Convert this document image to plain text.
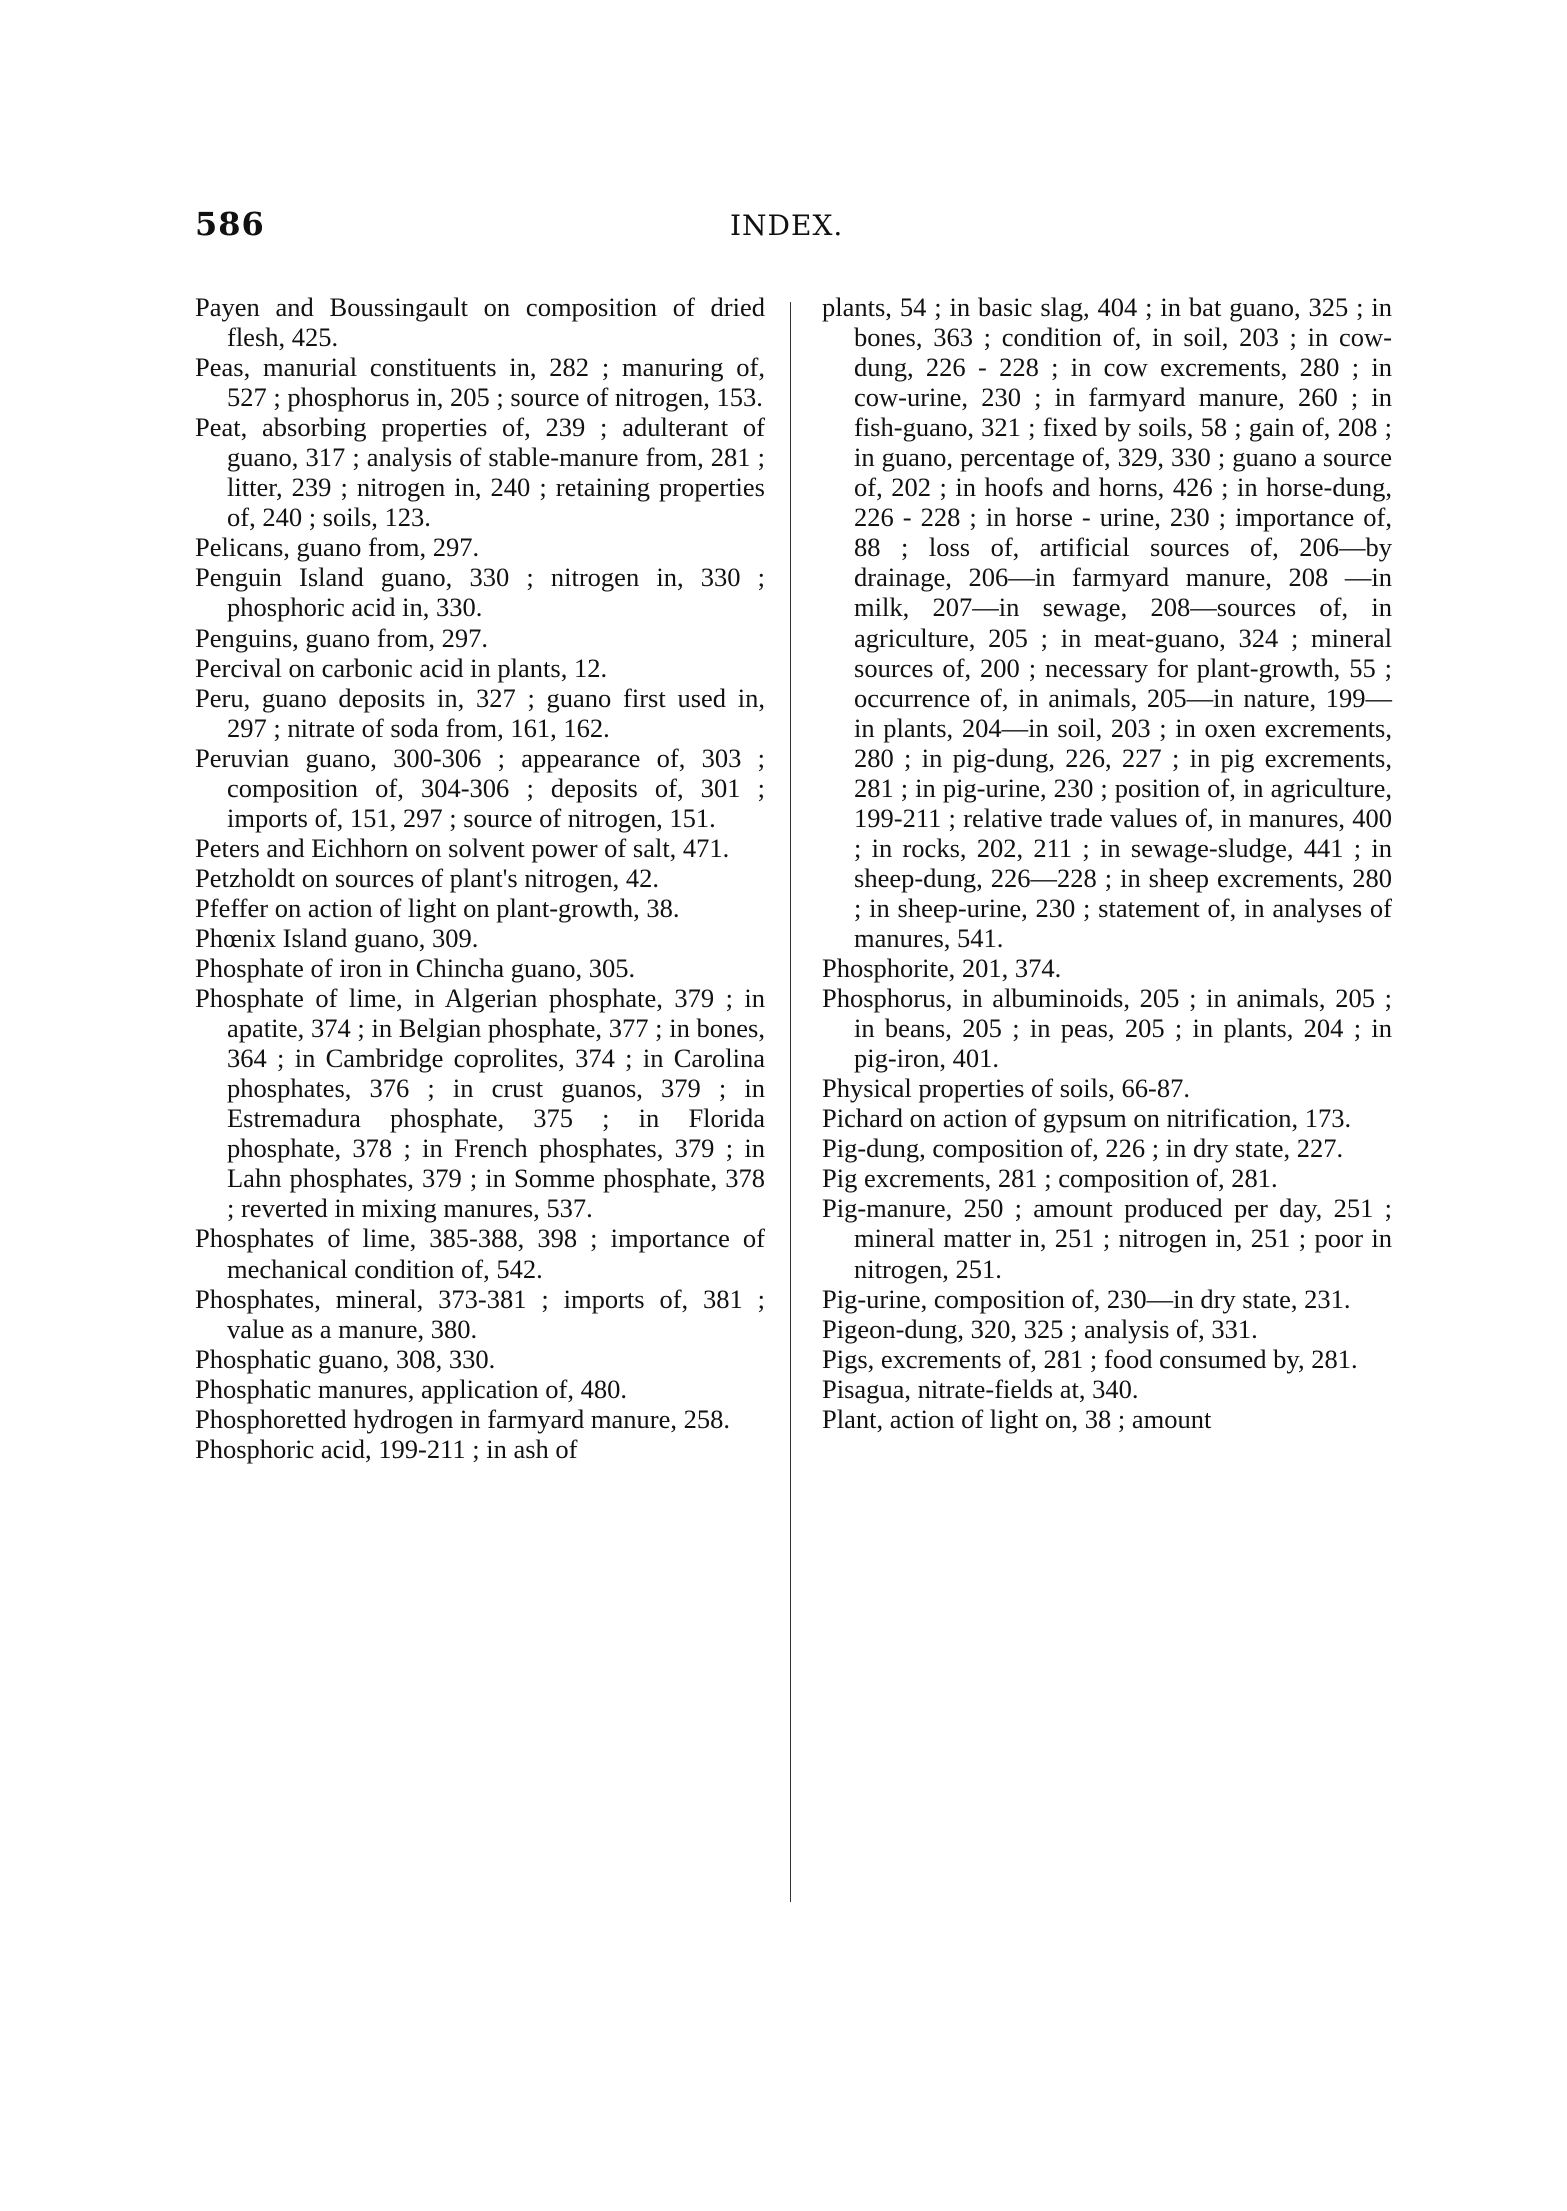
586	INDEX.

Payen and Boussingault on composition of dried flesh, 425.

Peas, manurial constituents in, 282 ; manuring of, 527 ; phosphorus in, 205 ; source of nitrogen, 153.

Peat, absorbing properties of, 239 ; adulterant of guano, 317 ; analysis of stable-manure from, 281 ; litter, 239 ; nitrogen in, 240 ; retaining properties of, 240 ; soils, 123.

Pelicans, guano from, 297.

Penguin Island guano, 330 ; nitrogen in, 330 ; phosphoric acid in, 330.

Penguins, guano from, 297.

Percival on carbonic acid in plants, 12.

Peru, guano deposits in, 327 ; guano first used in, 297 ; nitrate of soda from, 161, 162.

Peruvian guano, 300-306 ; appearance of, 303 ; composition of, 304-306 ; deposits of, 301 ; imports of, 151, 297 ; source of nitrogen, 151.

Peters and Eichhorn on solvent power of salt, 471.

Petzholdt on sources of plant's nitrogen, 42.

Pfeffer on action of light on plant-growth, 38.

Phœnix Island guano, 309.

Phosphate of iron in Chincha guano, 305.

Phosphate of lime, in Algerian phosphate, 379 ; in apatite, 374 ; in Belgian phosphate, 377 ; in bones, 364 ; in Cambridge coprolites, 374 ; in Carolina phosphates, 376 ; in crust guanos, 379 ; in Estremadura phosphate, 375 ; in Florida phosphate, 378 ; in French phosphates, 379 ; in Lahn phosphates, 379 ; in Somme phosphate, 378 ; reverted in mixing manures, 537.

Phosphates of lime, 385-388, 398 ; importance of mechanical condition of, 542.

Phosphates, mineral, 373-381 ; imports of, 381 ; value as a manure, 380.

Phosphatic guano, 308, 330.

Phosphatic manures, application of, 480.

Phosphoretted hydrogen in farmyard manure, 258.

Phosphoric acid, 199-211 ; in ash of

plants, 54 ; in basic slag, 404 ; in bat guano, 325 ; in bones, 363 ; condition of, in soil, 203 ; in cow-dung, 226 - 228 ; in cow excrements, 280 ; in cow-urine, 230 ; in farmyard manure, 260 ; in fish-guano, 321 ; fixed by soils, 58 ; gain of, 208 ; in guano, percentage of, 329, 330 ; guano a source of, 202 ; in hoofs and horns, 426 ; in horse-dung, 226 - 228 ; in horse - urine, 230 ; importance of, 88 ; loss of, artificial sources of, 206—by drainage, 206—in farmyard manure, 208 —in milk, 207—in sewage, 208—sources of, in agriculture, 205 ; in meat-guano, 324 ; mineral sources of, 200 ; necessary for plant-growth, 55 ; occurrence of, in animals, 205—in nature, 199—in plants, 204—in soil, 203 ; in oxen excrements, 280 ; in pig-dung, 226, 227 ; in pig excrements, 281 ; in pig-urine, 230 ; position of, in agriculture, 199-211 ; relative trade values of, in manures, 400 ; in rocks, 202, 211 ; in sewage-sludge, 441 ; in sheep-dung, 226—228 ; in sheep excrements, 280 ; in sheep-urine, 230 ; statement of, in analyses of manures, 541.

Phosphorite, 201, 374.

Phosphorus, in albuminoids, 205 ; in animals, 205 ; in beans, 205 ; in peas, 205 ; in plants, 204 ; in pig-iron, 401.

Physical properties of soils, 66-87.

Pichard on action of gypsum on nitrification, 173.

Pig-dung, composition of, 226 ; in dry state, 227.

Pig excrements, 281 ; composition of, 281.

Pig-manure, 250 ; amount produced per day, 251 ; mineral matter in, 251 ; nitrogen in, 251 ; poor in nitrogen, 251.

Pig-urine, composition of, 230—in dry state, 231.

Pigeon-dung, 320, 325 ; analysis of, 331.

Pigs, excrements of, 281 ; food consumed by, 281.

Pisagua, nitrate-fields at, 340.

Plant, action of light on, 38 ; amount
